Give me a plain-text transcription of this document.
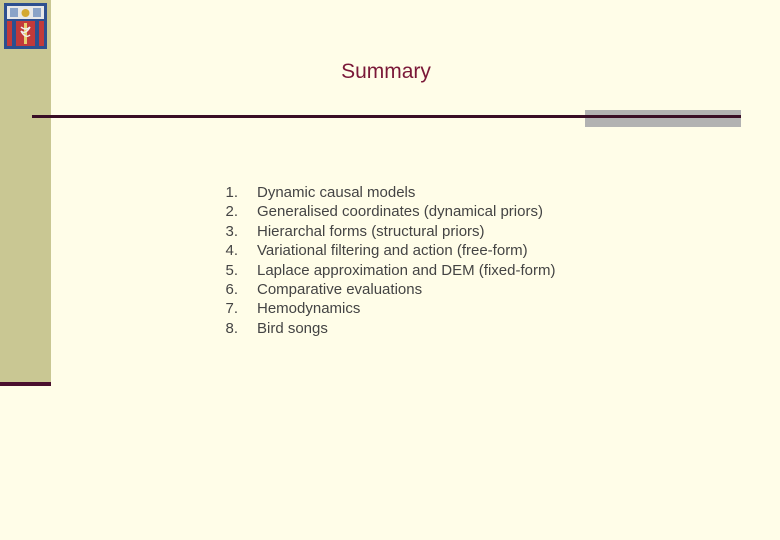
Summary
1. Dynamic causal models
2. Generalised coordinates (dynamical priors)
3. Hierarchal forms (structural priors)
4. Variational filtering and action (free-form)
5. Laplace approximation and DEM (fixed-form)
6. Comparative evaluations
7. Hemodynamics
8. Bird songs
